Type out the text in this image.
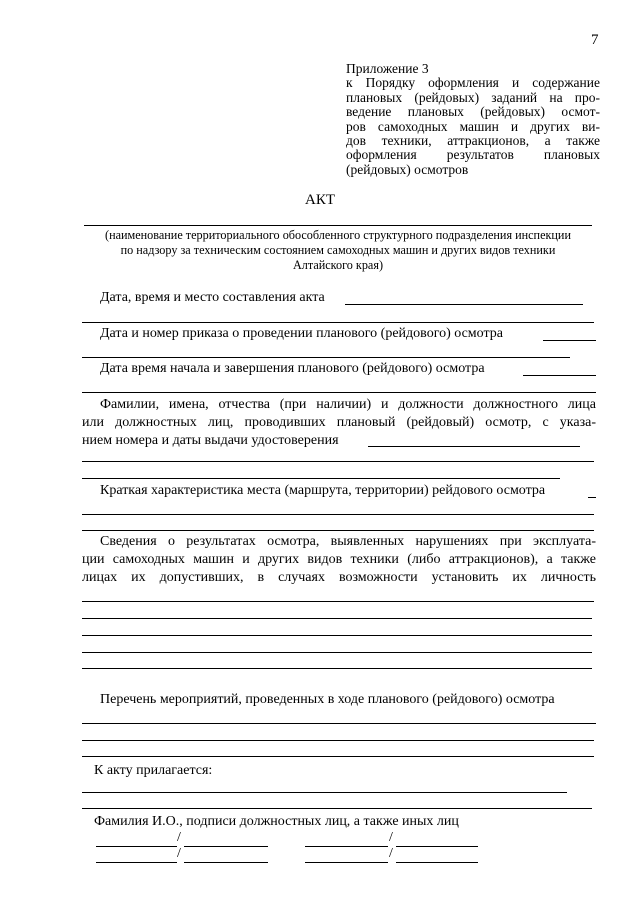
7
Приложение 3
к Порядку оформления и содержание
плановых (рейдовых) заданий на про-
ведение плановых (рейдовых) осмот-
ров самоходных машин и других ви-
дов техники, аттракционов, а также
оформления результатов плановых
(рейдовых) осмотров
АКТ
(наименование территориального обособленного структурного подразделения инспекции
по надзору за техническим состоянием самоходных машин и других видов техники
Алтайского края)
Дата, время и место составления акта
Дата и номер приказа о проведении планового (рейдового) осмотра
Дата время начала и завершения планового (рейдового) осмотра
Фамилии, имена, отчества (при наличии) и должности должностного лица
или должностных лиц, проводивших плановый (рейдовый) осмотр, с указа-
нием номера и даты выдачи удостоверения
Краткая характеристика места (маршрута, территории) рейдового осмотра
Сведения о результатах осмотра, выявленных нарушениях при эксплуата-
ции самоходных машин и других видов техники (либо аттракционов), а также
лицах их допустивших, в случаях возможности установить их личность
Перечень мероприятий, проведенных в ходе планового (рейдового) осмотра
К акту прилагается:
Фамилия И.О., подписи должностных лиц, а также иных лиц
/	/
/	/
